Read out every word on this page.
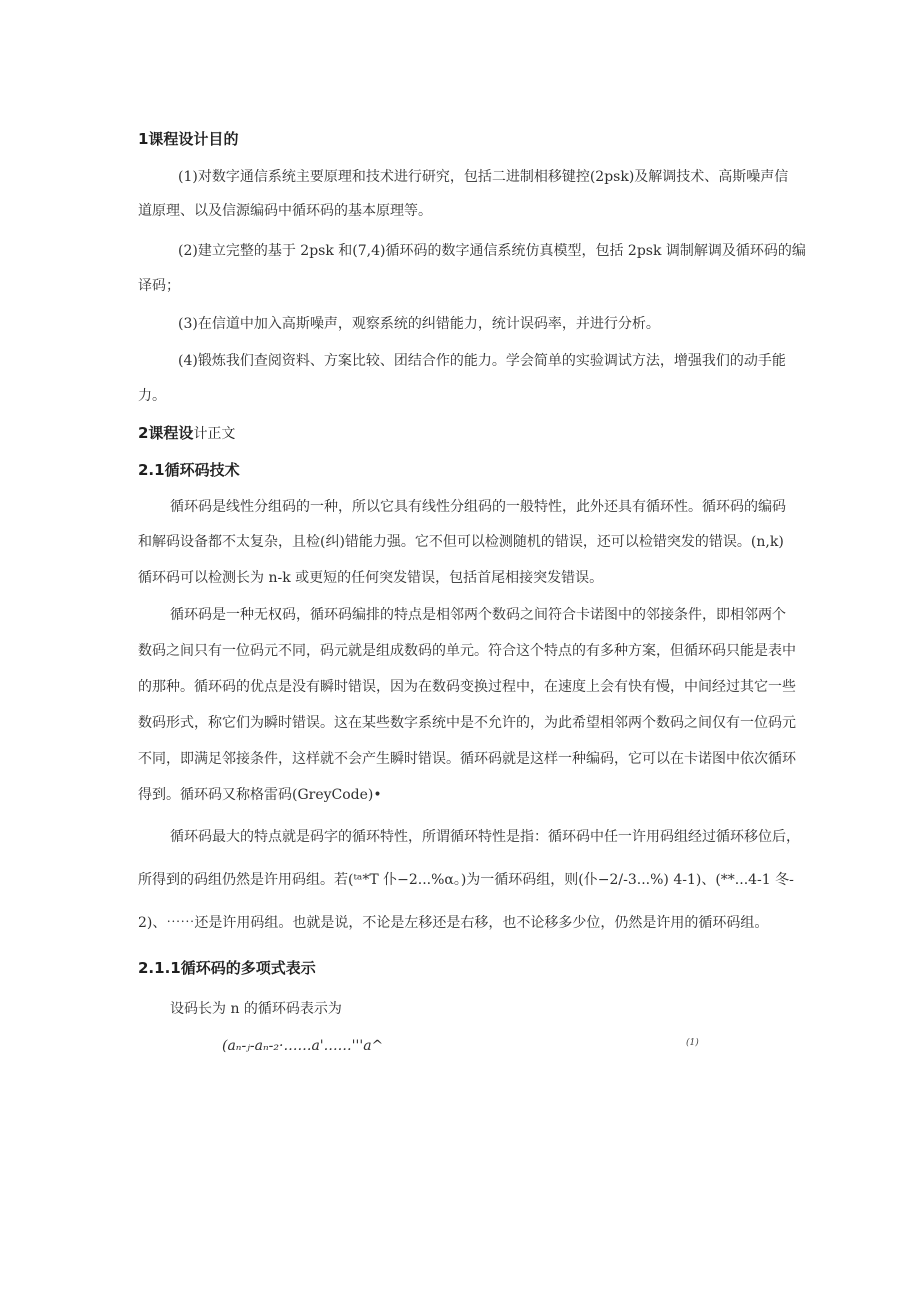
1课程设计目的
(1)对数字通信系统主要原理和技术进行研究，包括二进制相移键控(2psk)及解调技术、高斯噪声信
道原理、以及信源编码中循环码的基本原理等。
(2)建立完整的基于 2psk 和(7,4)循环码的数字通信系统仿真模型，包括 2psk 调制解调及循环码的编
译码；
(3)在信道中加入高斯噪声，观察系统的纠错能力，统计误码率，并进行分析。
(4)锻炼我们查阅资料、方案比较、团结合作的能力。学会简单的实验调试方法，增强我们的动手能
力。
2课程设计正文
2.1循环码技术
循环码是线性分组码的一种，所以它具有线性分组码的一般特性，此外还具有循环性。循环码的编码
和解码设备都不太复杂，且检(纠)错能力强。它不但可以检测随机的错误，还可以检错突发的错误。(n,k)
循环码可以检测长为 n-k 或更短的任何突发错误，包括首尾相接突发错误。
循环码是一种无权码，循环码编排的特点是相邻两个数码之间符合卡诺图中的邻接条件，即相邻两个
数码之间只有一位码元不同，码元就是组成数码的单元。符合这个特点的有多种方案，但循环码只能是表中
的那种。循环码的优点是没有瞬时错误，因为在数码变换过程中，在速度上会有快有慢，中间经过其它一些
数码形式，称它们为瞬时错误。这在某些数字系统中是不允许的，为此希望相邻两个数码之间仅有一位码元
不同，即满足邻接条件，这样就不会产生瞬时错误。循环码就是这样一种编码，它可以在卡诺图中依次循环
得到。循环码又称格雷码(GreyCode)•
循环码最大的特点就是码字的循环特性，所谓循环特性是指：循环码中任一许用码组经过循环移位后，
所得到的码组仍然是许用码组。若(ᵗᵃ*T 仆−2...%α。)为一循环码组，则(仆−2/-3...%) 4-1)、(**...4-1 冬-
2)、⋯⋯还是许用码组。也就是说，不论是左移还是右移，也不论移多少位，仍然是许用的循环码组。
2.1.1循环码的多项式表示
设码长为 n 的循环码表示为
(aₙ-ⱼ-aₙ-₂·……a'……'''a^	(1)
